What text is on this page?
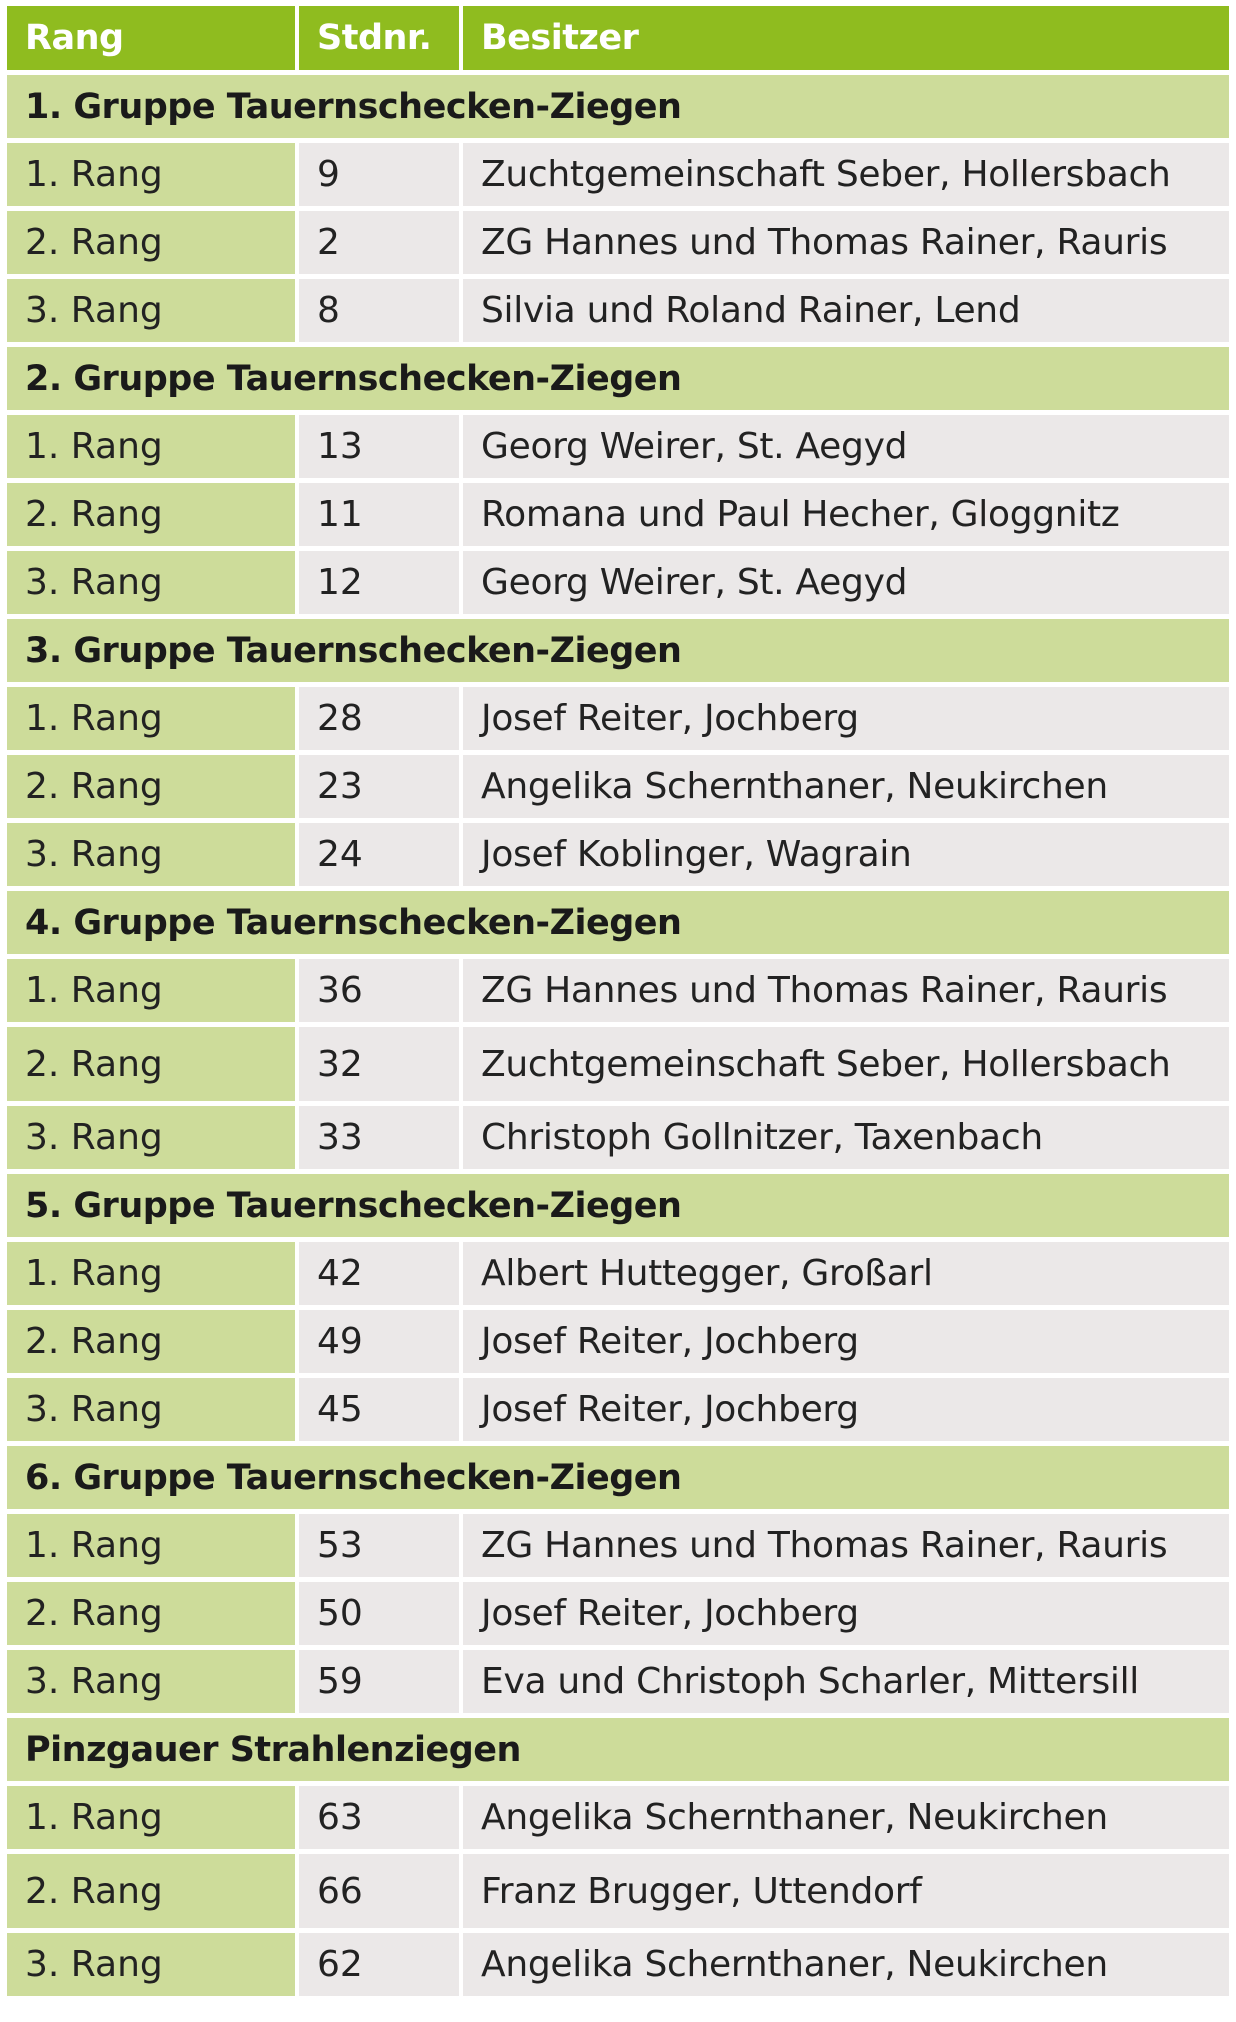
Rang	Stdnr.	Besitzer
1. Gruppe Tauernschecken-Ziegen
1. Rang	9	Zuchtgemeinschaft Seber, Hollersbach
2. Rang	2	ZG Hannes und Thomas Rainer, Rauris
3. Rang	8	Silvia und Roland Rainer, Lend
2. Gruppe Tauernschecken-Ziegen
1. Rang	13	Georg Weirer, St. Aegyd
2. Rang	11	Romana und Paul Hecher, Gloggnitz
3. Rang	12	Georg Weirer, St. Aegyd
3. Gruppe Tauernschecken-Ziegen
1. Rang	28	Josef Reiter, Jochberg
2. Rang	23	Angelika Schernthaner, Neukirchen
3. Rang	24	Josef Koblinger, Wagrain
4. Gruppe Tauernschecken-Ziegen
1. Rang	36	ZG Hannes und Thomas Rainer, Rauris
2. Rang	32	Zuchtgemeinschaft Seber, Hollersbach
3. Rang	33	Christoph Gollnitzer, Taxenbach
5. Gruppe Tauernschecken-Ziegen
1. Rang	42	Albert Huttegger, Großarl
2. Rang	49	Josef Reiter, Jochberg
3. Rang	45	Josef Reiter, Jochberg
6. Gruppe Tauernschecken-Ziegen
1. Rang	53	ZG Hannes und Thomas Rainer, Rauris
2. Rang	50	Josef Reiter, Jochberg
3. Rang	59	Eva und Christoph Scharler, Mittersill
Pinzgauer Strahlenziegen
1. Rang	63	Angelika Schernthaner, Neukirchen
2. Rang	66	Franz Brugger, Uttendorf
3. Rang	62	Angelika Schernthaner, Neukirchen
